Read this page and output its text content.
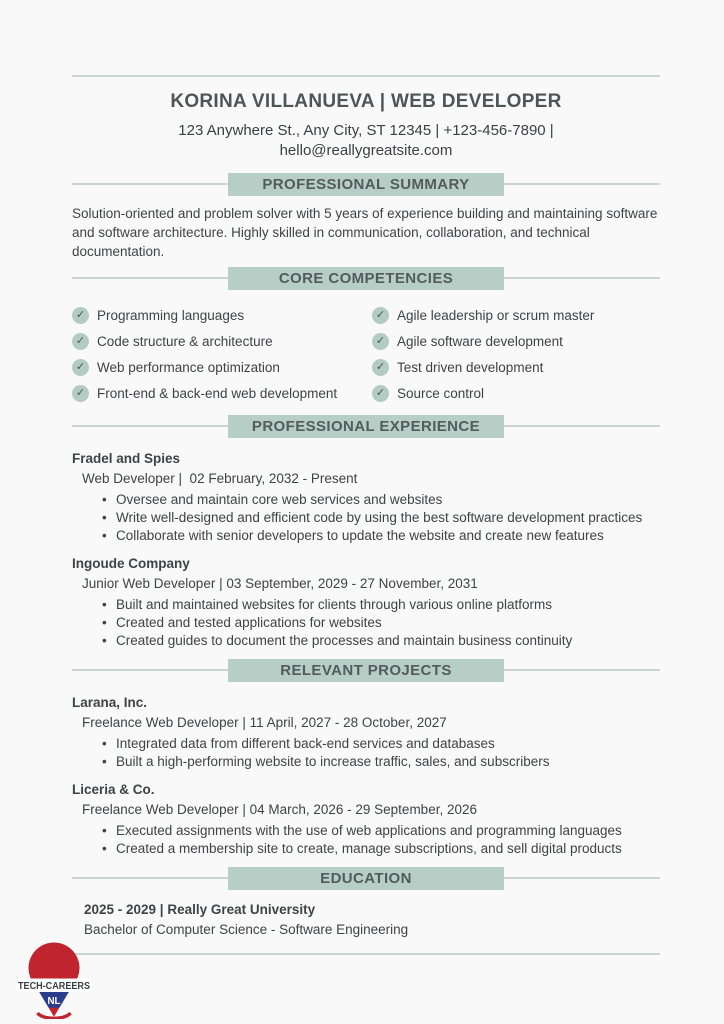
KORINA VILLANUEVA | WEB DEVELOPER
123 Anywhere St., Any City, ST 12345 | +123-456-7890 |
hello@reallygreatsite.com
PROFESSIONAL SUMMARY

Solution-oriented and problem solver with 5 years of experience building and maintaining software and software architecture. Highly skilled in communication, collaboration, and technical documentation.

CORE COMPETENCIES
✓ Programming languages	✓ Agile leadership or scrum master
✓ Code structure & architecture	✓ Agile software development
✓ Web performance optimization	✓ Test driven development
✓ Front-end & back-end web development	✓ Source control
PROFESSIONAL EXPERIENCE
Fradel and Spies
Web Developer |  02 February, 2032 - Present
• Oversee and maintain core web services and websites
• Write well-designed and efficient code by using the best software development practices
• Collaborate with senior developers to update the website and create new features
Ingoude Company
Junior Web Developer | 03 September, 2029 - 27 November, 2031
• Built and maintained websites for clients through various online platforms
• Created and tested applications for websites
• Created guides to document the processes and maintain business continuity
RELEVANT PROJECTS
Larana, Inc.
Freelance Web Developer | 11 April, 2027 - 28 October, 2027
• Integrated data from different back-end services and databases
• Built a high-performing website to increase traffic, sales, and subscribers
Liceria & Co.
Freelance Web Developer | 04 March, 2026 - 29 September, 2026
• Executed assignments with the use of web applications and programming languages
• Created a membership site to create, manage subscriptions, and sell digital products
EDUCATION
2025 - 2029 | Really Great University
Bachelor of Computer Science - Software Engineering
TECH-CAREERS
NL
